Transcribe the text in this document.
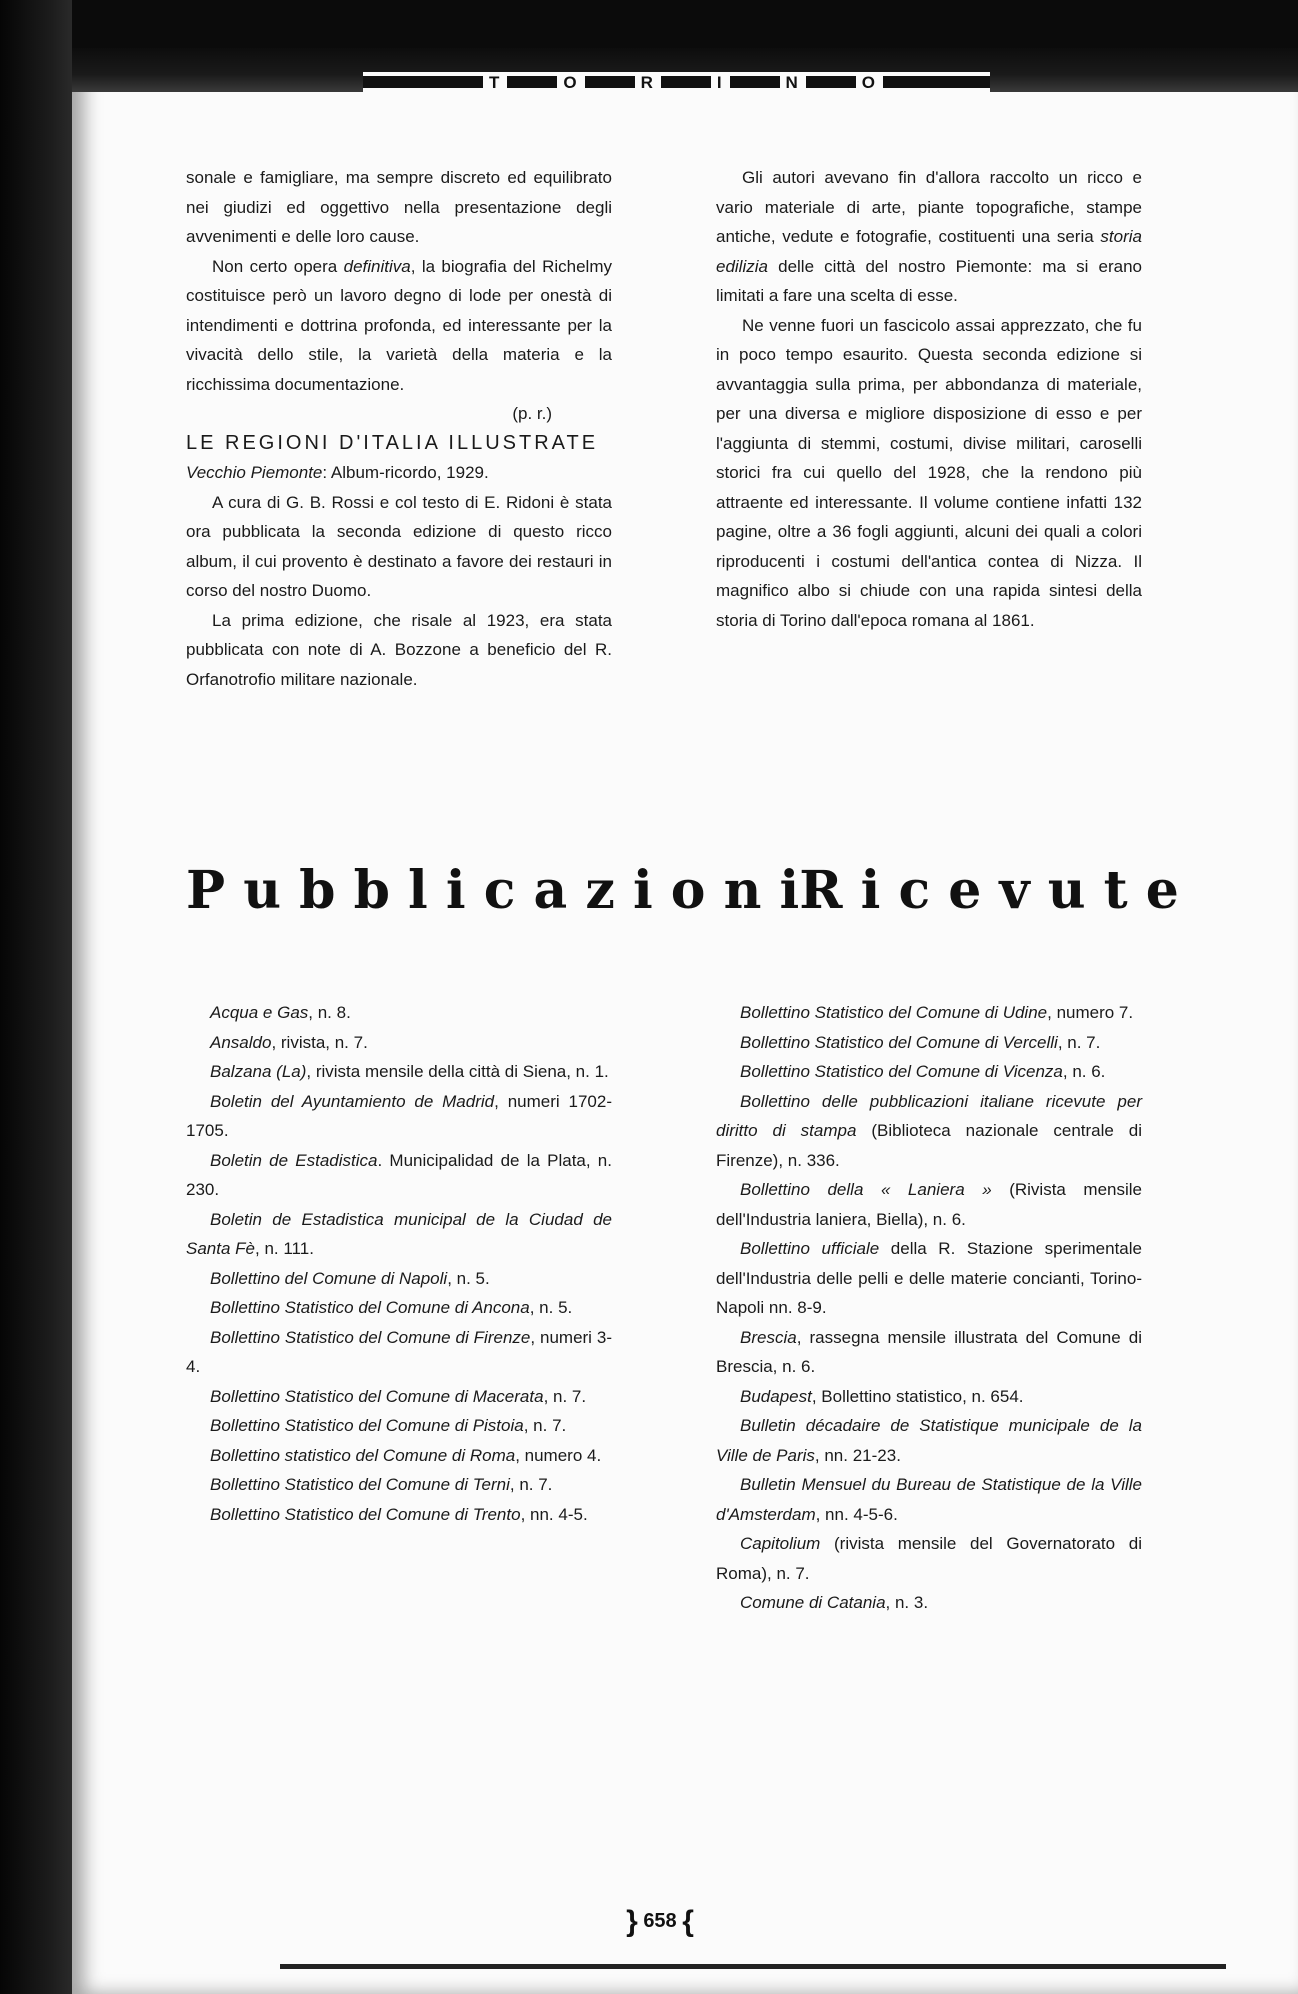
T	O	R	I	N	O

sonale e famigliare, ma sempre discreto ed equilibrato nei giudizi ed oggettivo nella presentazione degli avvenimenti e delle loro cause.

Non certo opera definitiva, la biografia del Richelmy costituisce però un lavoro degno di lode per onestà di intendimenti e dottrina profonda, ed interessante per la vivacità dello stile, la varietà della materia e la ricchissima documentazione.

(p. r.)

LE REGIONI D'ITALIA ILLUSTRATE

Vecchio Piemonte: Album-ricordo, 1929.

A cura di G. B. Rossi e col testo di E. Ridoni è stata ora pubblicata la seconda edizione di questo ricco album, il cui provento è destinato a favore dei restauri in corso del nostro Duomo.

La prima edizione, che risale al 1923, era stata pubblicata con note di A. Bozzone a beneficio del R. Orfanotrofio militare nazionale.

Gli autori avevano fin d'allora raccolto un ricco e vario materiale di arte, piante topografiche, stampe antiche, vedute e fotografie, costituenti una seria storia edilizia delle città del nostro Piemonte: ma si erano limitati a fare una scelta di esse.

Ne venne fuori un fascicolo assai apprezzato, che fu in poco tempo esaurito. Questa seconda edizione si avvantaggia sulla prima, per abbondanza di materiale, per una diversa e migliore disposizione di esso e per l'aggiunta di stemmi, costumi, divise militari, caroselli storici fra cui quello del 1928, che la rendono più attraente ed interessante. Il volume contiene infatti 132 pagine, oltre a 36 fogli aggiunti, alcuni dei quali a colori riproducenti i costumi dell'antica contea di Nizza. Il magnifico albo si chiude con una rapida sintesi della storia di Torino dall'epoca romana al 1861.

P u b b l i c a z i o n i R i c e v u t e

Acqua e Gas, n. 8.

Ansaldo, rivista, n. 7.

Balzana (La), rivista mensile della città di Siena, n. 1.

Boletin del Ayuntamiento de Madrid, numeri 1702-1705.

Boletin de Estadistica. Municipalidad de la Plata, n. 230.

Boletin de Estadistica municipal de la Ciudad de Santa Fè, n. 111.

Bollettino del Comune di Napoli, n. 5.

Bollettino Statistico del Comune di Ancona, n. 5.

Bollettino Statistico del Comune di Firenze, numeri 3-4.

Bollettino Statistico del Comune di Macerata, n. 7.

Bollettino Statistico del Comune di Pistoia, n. 7.

Bollettino statistico del Comune di Roma, numero 4.

Bollettino Statistico del Comune di Terni, n. 7.

Bollettino Statistico del Comune di Trento, nn. 4-5.

Bollettino Statistico del Comune di Udine, numero 7.

Bollettino Statistico del Comune di Vercelli, n. 7.

Bollettino Statistico del Comune di Vicenza, n. 6.

Bollettino delle pubblicazioni italiane ricevute per diritto di stampa (Biblioteca nazionale centrale di Firenze), n. 336.

Bollettino della « Laniera » (Rivista mensile dell'Industria laniera, Biella), n. 6.

Bollettino ufficiale della R. Stazione sperimentale dell'Industria delle pelli e delle materie concianti, Torino-Napoli nn. 8-9.

Brescia, rassegna mensile illustrata del Comune di Brescia, n. 6.

Budapest, Bollettino statistico, n. 654.

Bulletin décadaire de Statistique municipale de la Ville de Paris, nn. 21-23.

Bulletin Mensuel du Bureau de Statistique de la Ville d'Amsterdam, nn. 4-5-6.

Capitolium (rivista mensile del Governatorato di Roma), n. 7.

Comune di Catania, n. 3.

} 658 {
